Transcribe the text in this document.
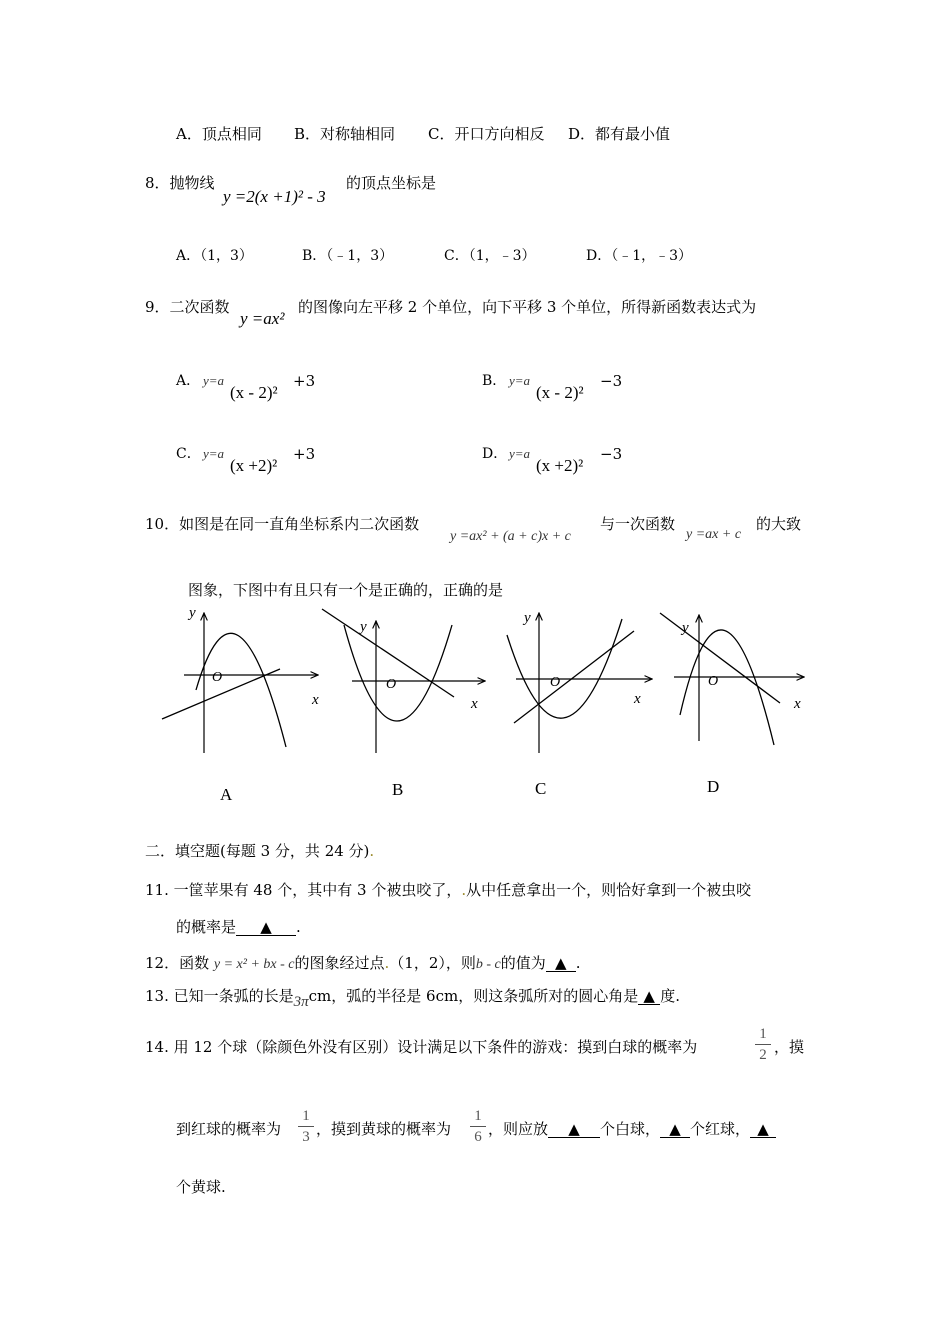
A．顶点相同 B．对称轴相同 C．开口方向相反 D．都有最小值
8．抛物线
y =2(x +1)² - 3
的顶点坐标是
A．（1，3）	B．（﹣1，3）	C．（1，﹣3）	D．（﹣1，﹣3）
9．二次函数
y =ax²
的图像向左平移 2 个单位，向下平移 3 个单位，所得新函数表达式为
A． y=a
(x - 2)²
+3	B． y=a
(x - 2)²
−3
C． y=a
(x +2)²
+3	D． y=a
(x +2)²
−3
10．如图是在同一直角坐标系内二次函数
y =ax² + (a + c)x + c
与一次函数
y =ax + c
的大致
图象，下图中有且只有一个是正确的，正确的是
y
O
x
y
O
x
y
O
x
y
O
x
A	B	C	D
二．填空题(每题 3 分，共 24 分).
11. 一筐苹果有 48 个，其中有 3 个被虫咬了，.从中任意拿出一个，则恰好拿到一个被虫咬
的概率是 ▲ .
12．函数 y = x² + bx - c的图象经过点.（1，2），则b - c的值为 ▲ .
13. 已知一条弧的长是3πcm，弧的半径是 6cm，则这条弧所对的圆心角是 ▲ 度.
14. 用 12 个球（除颜色外没有区别）设计满足以下条件的游戏：摸到白球的概率为	$\frac{1}{2}$ ，摸
到红球的概率为 $\frac{1}{3}$ ，摸到黄球的概率为 $\frac{1}{6}$ ，则应放 ▲ 个白球， ▲ 个红球， ▲
个黄球.
